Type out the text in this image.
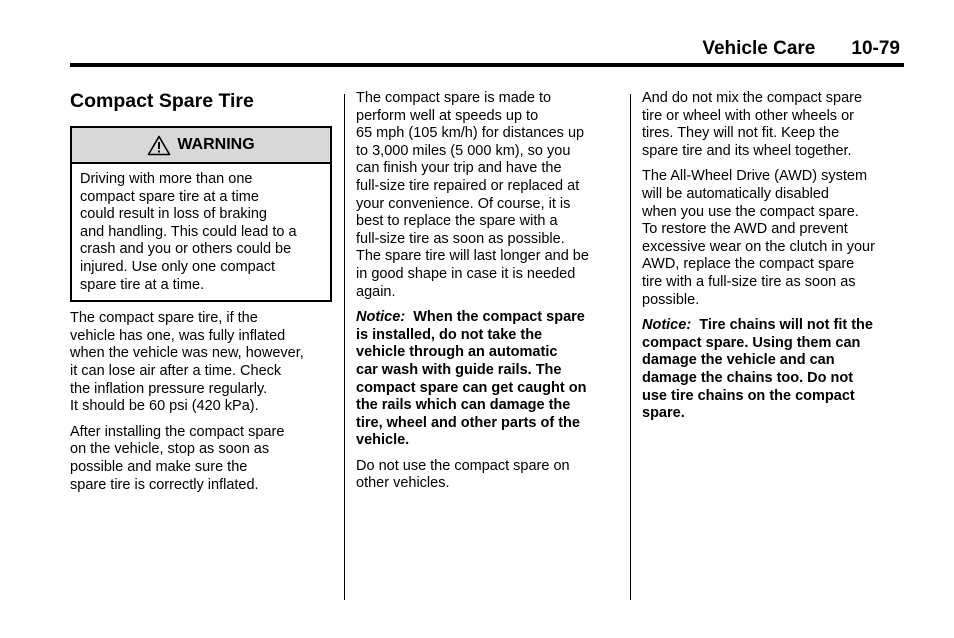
Vehicle Care 10-79
Compact Spare Tire
WARNING
Driving with more than one
compact spare tire at a time
could result in loss of braking
and handling. This could lead to a
crash and you or others could be
injured. Use only one compact
spare tire at a time.

The compact spare tire, if the
vehicle has one, was fully inflated
when the vehicle was new, however,
it can lose air after a time. Check
the inflation pressure regularly.
It should be 60 psi (420 kPa).

After installing the compact spare
on the vehicle, stop as soon as
possible and make sure the
spare tire is correctly inflated.

The compact spare is made to
perform well at speeds up to
65 mph (105 km/h) for distances up
to 3,000 miles (5 000 km), so you
can finish your trip and have the
full-size tire repaired or replaced at
your convenience. Of course, it is
best to replace the spare with a
full-size tire as soon as possible.
The spare tire will last longer and be
in good shape in case it is needed
again.

Notice: When the compact spare
is installed, do not take the
vehicle through an automatic
car wash with guide rails. The
compact spare can get caught on
the rails which can damage the
tire, wheel and other parts of the
vehicle.

Do not use the compact spare on
other vehicles.

And do not mix the compact spare
tire or wheel with other wheels or
tires. They will not fit. Keep the
spare tire and its wheel together.

The All-Wheel Drive (AWD) system
will be automatically disabled
when you use the compact spare.
To restore the AWD and prevent
excessive wear on the clutch in your
AWD, replace the compact spare
tire with a full-size tire as soon as
possible.

Notice: Tire chains will not fit the
compact spare. Using them can
damage the vehicle and can
damage the chains too. Do not
use tire chains on the compact
spare.
